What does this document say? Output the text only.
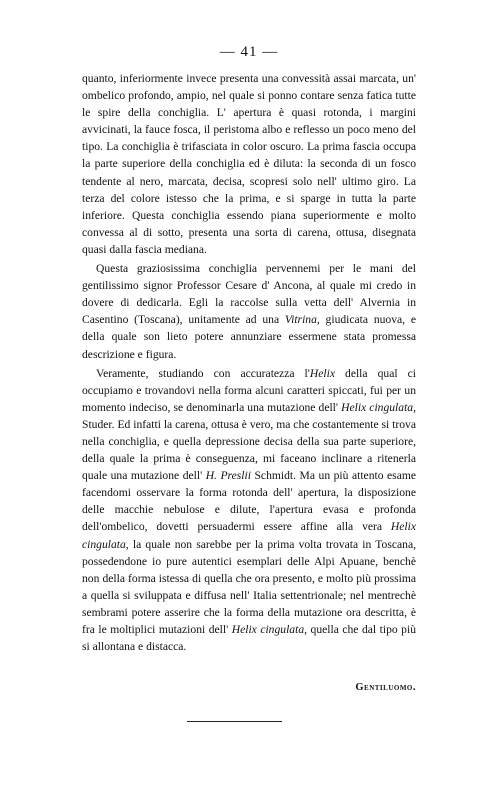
— 41 —

quanto, inferiormente invece presenta una convessità assai marcata, un' ombelico profondo, ampio, nel quale si ponno contare senza fatica tutte le spire della conchiglia. L' apertura è quasi rotonda, i margini avvicinati, la fauce fosca, il peristoma albo e reflesso un poco meno del tipo. La conchiglia è trifasciata in color oscuro. La prima fascia occupa la parte superiore della conchiglia ed è diluta: la seconda di un fosco tendente al nero, marcata, decisa, scopresi solo nell' ultimo giro. La terza del colore istesso che la prima, e si sparge in tutta la parte inferiore. Questa conchiglia essendo piana superiormente e molto convessa al di sotto, presenta una sorta di carena, ottusa, disegnata quasi dalla fascia mediana.

Questa graziosissima conchiglia pervennemi per le mani del gentilissimo signor Professor Cesare d' Ancona, al quale mi credo in dovere di dedicarla. Egli la raccolse sulla vetta dell' Alvernia in Casentino (Toscana), unitamente ad una Vitrina, giudicata nuova, e della quale son lieto potere annunziare essermene stata promessa descrizione e figura.

Veramente, studiando con accuratezza l'Helix della qual ci occupiamo e trovandovi nella forma alcuni caratteri spiccati, fui per un momento indeciso, se denominarla una mutazione dell' Helix cingulata, Studer. Ed infatti la carena, ottusa è vero, ma che costantemente si trova nella conchiglia, e quella depressione decisa della sua parte superiore, della quale la prima è conseguenza, mi faceano inclinare a ritenerla quale una mutazione dell' H. Preslii Schmidt. Ma un più attento esame facendomi osservare la forma rotonda dell' apertura, la disposizione delle macchie nebulose e dilute, l'apertura evasa e profonda dell'ombelico, dovetti persuadermi essere affine alla vera Helix cingulata, la quale non sarebbe per la prima volta trovata in Toscana, possedendone io pure autentici esemplari delle Alpi Apuane, benchè non della forma istessa di quella che ora presento, e molto più prossima a quella si sviluppata e diffusa nell' Italia settentrionale; nel mentrechè sembrami potere asserire che la forma della mutazione ora descritta, è fra le moltiplici mutazioni dell' Helix cingulata, quella che dal tipo più si allontana e distacca.

Gentiluomo.
